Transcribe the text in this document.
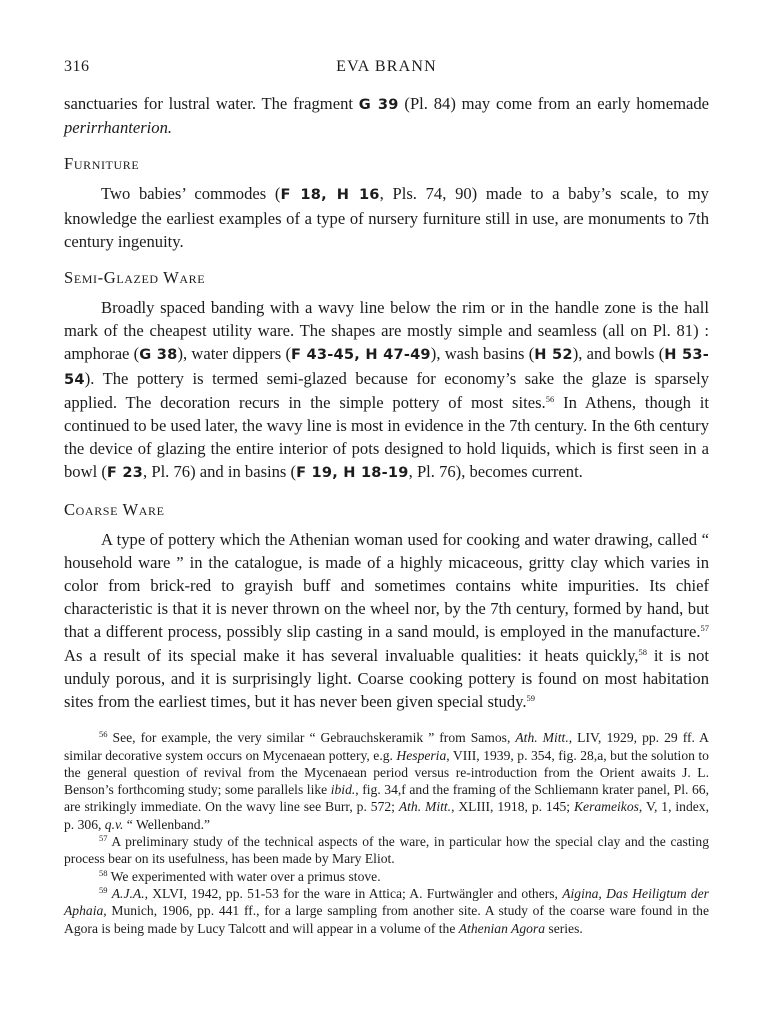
316	EVA BRANN

sanctuaries for lustral water. The fragment G 39 (Pl. 84) may come from an early homemade perirrhanterion.

Furniture

Two babies’ commodes (F 18, H 16, Pls. 74, 90) made to a baby’s scale, to my knowledge the earliest examples of a type of nursery furniture still in use, are monuments to 7th century ingenuity.

Semi-Glazed Ware

Broadly spaced banding with a wavy line below the rim or in the handle zone is the hall mark of the cheapest utility ware. The shapes are mostly simple and seamless (all on Pl. 81) : amphorae (G 38), water dippers (F 43-45, H 47-49), wash basins (H 52), and bowls (H 53-54). The pottery is termed semi-glazed because for economy’s sake the glaze is sparsely applied. The decoration recurs in the simple pottery of most sites.$^{56}$ In Athens, though it continued to be used later, the wavy line is most in evidence in the 7th century. In the 6th century the device of glazing the entire interior of pots designed to hold liquids, which is first seen in a bowl (F 23, Pl. 76) and in basins (F 19, H 18-19, Pl. 76), becomes current.

Coarse Ware

A type of pottery which the Athenian woman used for cooking and water drawing, called “ household ware ” in the catalogue, is made of a highly micaceous, gritty clay which varies in color from brick-red to grayish buff and sometimes contains white impurities. Its chief characteristic is that it is never thrown on the wheel nor, by the 7th century, formed by hand, but that a different process, possibly slip casting in a sand mould, is employed in the manufacture.$^{57}$ As a result of its special make it has several invaluable qualities: it heats quickly,$^{58}$ it is not unduly porous, and it is surprisingly light. Coarse cooking pottery is found on most habitation sites from the earliest times, but it has never been given special study.$^{59}$

$^{56}$ See, for example, the very similar “ Gebrauchskeramik ” from Samos, Ath. Mitt., LIV, 1929, pp. 29 ff. A similar decorative system occurs on Mycenaean pottery, e.g. Hesperia, VIII, 1939, p. 354, fig. 28,a, but the solution to the general question of revival from the Mycenaean period versus re-introduction from the Orient awaits J. L. Benson’s forthcoming study; some parallels like ibid., fig. 34,f and the framing of the Schliemann krater panel, Pl. 66, are strikingly immediate. On the wavy line see Burr, p. 572; Ath. Mitt., XLIII, 1918, p. 145; Kerameikos, V, 1, index, p. 306, q.v. “ Wellenband.”

$^{57}$ A preliminary study of the technical aspects of the ware, in particular how the special clay and the casting process bear on its usefulness, has been made by Mary Eliot.

$^{58}$ We experimented with water over a primus stove.

$^{59}$ A.J.A., XLVI, 1942, pp. 51-53 for the ware in Attica; A. Furtwängler and others, Aigina, Das Heiligtum der Aphaia, Munich, 1906, pp. 441 ff., for a large sampling from another site. A study of the coarse ware found in the Agora is being made by Lucy Talcott and will appear in a volume of the Athenian Agora series.
